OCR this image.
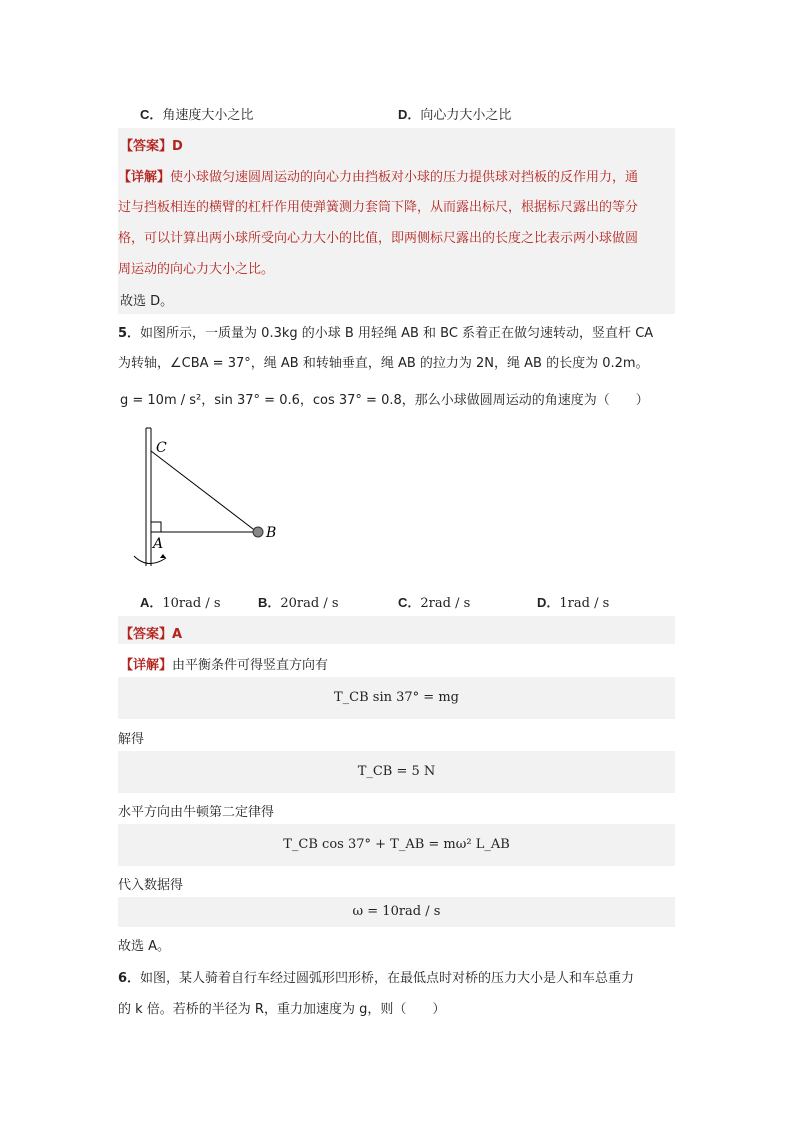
C．角速度大小之比	D．向心力大小之比
【答案】D
【详解】使小球做匀速圆周运动的向心力由挡板对小球的压力提供球对挡板的反作用力，通
过与挡板相连的横臂的杠杆作用使弹簧测力套筒下降，从而露出标尺，根据标尺露出的等分
格，可以计算出两小球所受向心力大小的比值，即两侧标尺露出的长度之比表示两小球做圆
周运动的向心力大小之比。
故选 D。
5．如图所示，一质量为 0.3kg 的小球 B 用轻绳 AB 和 BC 系着正在做匀速转动，竖直杆 CA
为转轴，∠CBA = 37°，绳 AB 和转轴垂直，绳 AB 的拉力为 2N，绳 AB 的长度为 0.2m。
g = 10m / s²，sin 37° = 0.6，cos 37° = 0.8，那么小球做圆周运动的角速度为（　　）
C
A
B
A．10rad / s	B．20rad / s	C．2rad / s	D．1rad / s
【答案】A
【详解】由平衡条件可得竖直方向有
T_CB sin 37° = mg
解得
T_CB = 5 N
水平方向由牛顿第二定律得
T_CB cos 37° + T_AB = mω² L_AB
代入数据得
ω = 10rad / s
故选 A。
6．如图，某人骑着自行车经过圆弧形凹形桥，在最低点时对桥的压力大小是人和车总重力
的 k 倍。若桥的半径为 R，重力加速度为 g，则（　　）
